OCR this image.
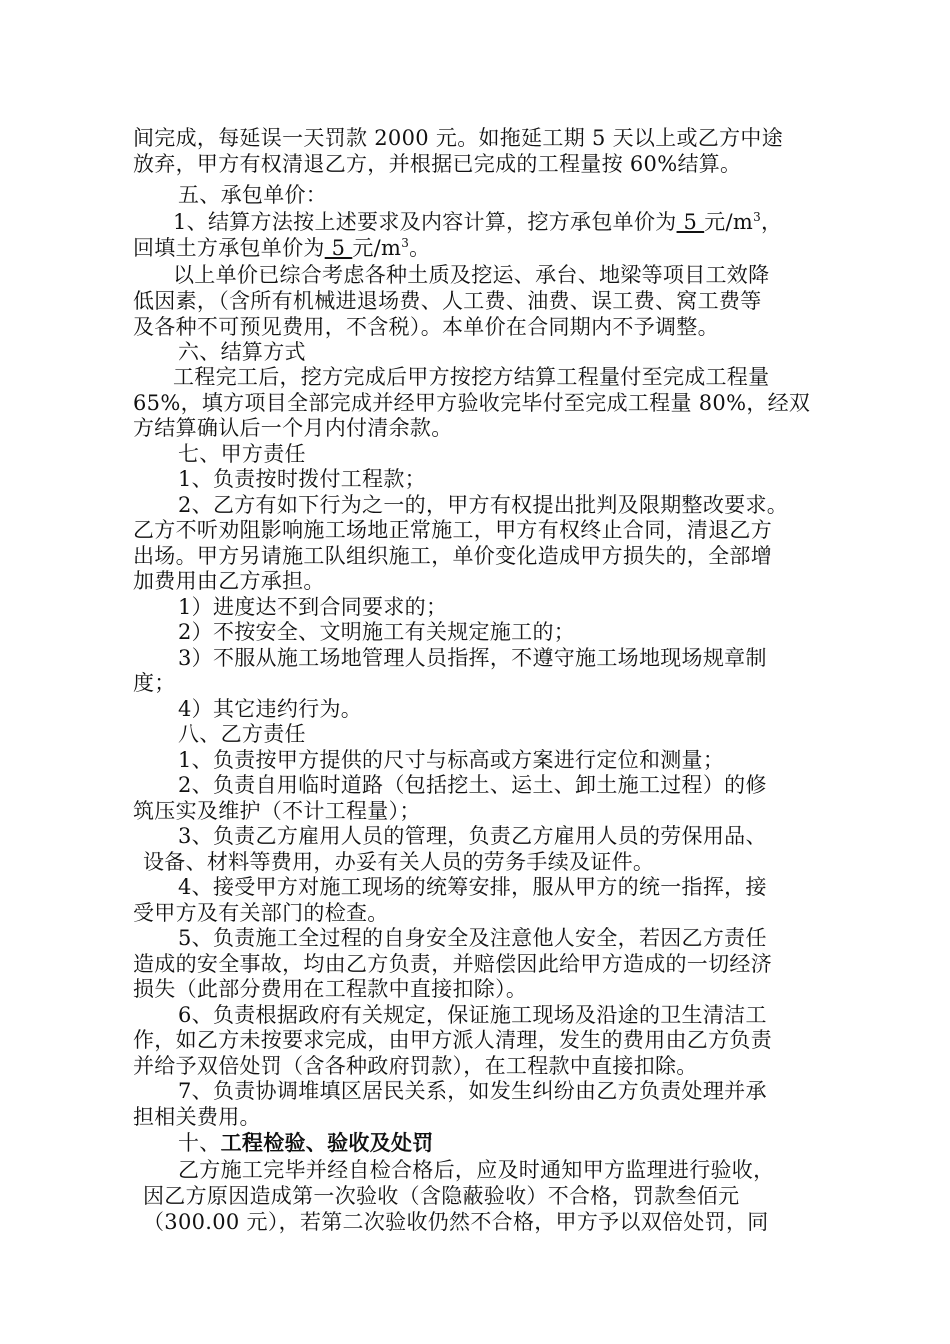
间完成，每延误一天罚款 2000 元。如拖延工期 5 天以上或乙方中途
放弃，甲方有权清退乙方，并根据已完成的工程量按 60%结算。
五、承包单价：
1、结算方法按上述要求及内容计算，挖方承包单价为 5 元$/m^3$，
回填土方承包单价为 5 元$/m^3$。
以上单价已综合考虑各种土质及挖运、承台、地梁等项目工效降
低因素，（含所有机械进退场费、人工费、油费、误工费、窝工费等
及各种不可预见费用，不含税）。本单价在合同期内不予调整。
六、结算方式
工程完工后，挖方完成后甲方按挖方结算工程量付至完成工程量
65%，填方项目全部完成并经甲方验收完毕付至完成工程量 80%，经双
方结算确认后一个月内付清余款。
七、甲方责任
1、负责按时拨付工程款；
2、乙方有如下行为之一的，甲方有权提出批判及限期整改要求。
乙方不听劝阻影响施工场地正常施工，甲方有权终止合同，清退乙方
出场。甲方另请施工队组织施工，单价变化造成甲方损失的，全部增
加费用由乙方承担。
1）进度达不到合同要求的；
2）不按安全、文明施工有关规定施工的；
3）不服从施工场地管理人员指挥，不遵守施工场地现场规章制
度；
4）其它违约行为。
八、乙方责任
1、负责按甲方提供的尺寸与标高或方案进行定位和测量；
2、负责自用临时道路（包括挖土、运土、卸土施工过程）的修
筑压实及维护（不计工程量）；
3、负责乙方雇用人员的管理，负责乙方雇用人员的劳保用品、
设备、材料等费用，办妥有关人员的劳务手续及证件。
4、接受甲方对施工现场的统筹安排，服从甲方的统一指挥，接
受甲方及有关部门的检查。
5、负责施工全过程的自身安全及注意他人安全，若因乙方责任
造成的安全事故，均由乙方负责，并赔偿因此给甲方造成的一切经济
损失（此部分费用在工程款中直接扣除）。
6、负责根据政府有关规定，保证施工现场及沿途的卫生清洁工
作，如乙方未按要求完成，由甲方派人清理，发生的费用由乙方负责
并给予双倍处罚（含各种政府罚款），在工程款中直接扣除。
7、负责协调堆填区居民关系，如发生纠纷由乙方负责处理并承
担相关费用。
十、工程检验、验收及处罚
乙方施工完毕并经自检合格后，应及时通知甲方监理进行验收，
因乙方原因造成第一次验收（含隐蔽验收）不合格，罚款叁佰元
（300.00 元），若第二次验收仍然不合格，甲方予以双倍处罚，同
